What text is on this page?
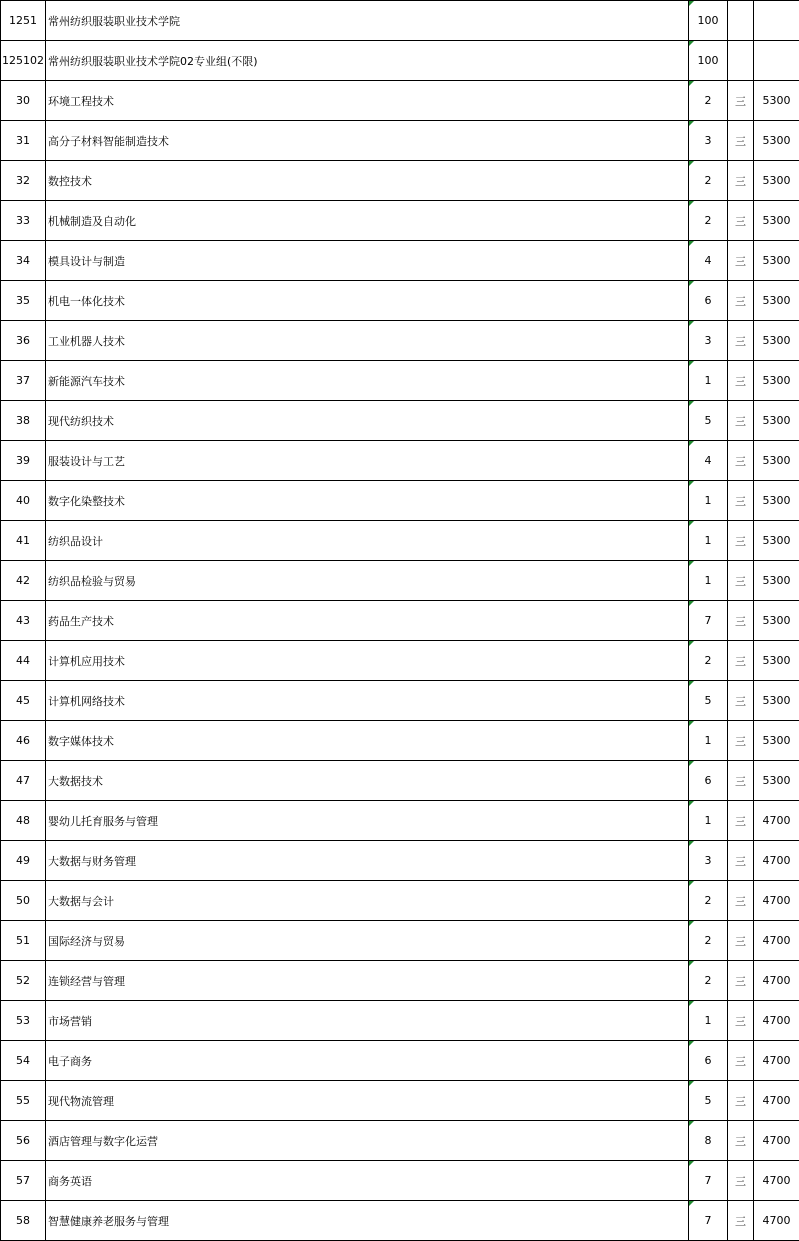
1251	常州纺织服装职业技术学院	100		
125102	常州纺织服装职业技术学院02专业组(不限)	100		
30	环境工程技术	2	三	5300
31	高分子材料智能制造技术	3	三	5300
32	数控技术	2	三	5300
33	机械制造及自动化	2	三	5300
34	模具设计与制造	4	三	5300
35	机电一体化技术	6	三	5300
36	工业机器人技术	3	三	5300
37	新能源汽车技术	1	三	5300
38	现代纺织技术	5	三	5300
39	服装设计与工艺	4	三	5300
40	数字化染整技术	1	三	5300
41	纺织品设计	1	三	5300
42	纺织品检验与贸易	1	三	5300
43	药品生产技术	7	三	5300
44	计算机应用技术	2	三	5300
45	计算机网络技术	5	三	5300
46	数字媒体技术	1	三	5300
47	大数据技术	6	三	5300
48	婴幼儿托育服务与管理	1	三	4700
49	大数据与财务管理	3	三	4700
50	大数据与会计	2	三	4700
51	国际经济与贸易	2	三	4700
52	连锁经营与管理	2	三	4700
53	市场营销	1	三	4700
54	电子商务	6	三	4700
55	现代物流管理	5	三	4700
56	酒店管理与数字化运营	8	三	4700
57	商务英语	7	三	4700
58	智慧健康养老服务与管理	7	三	4700
